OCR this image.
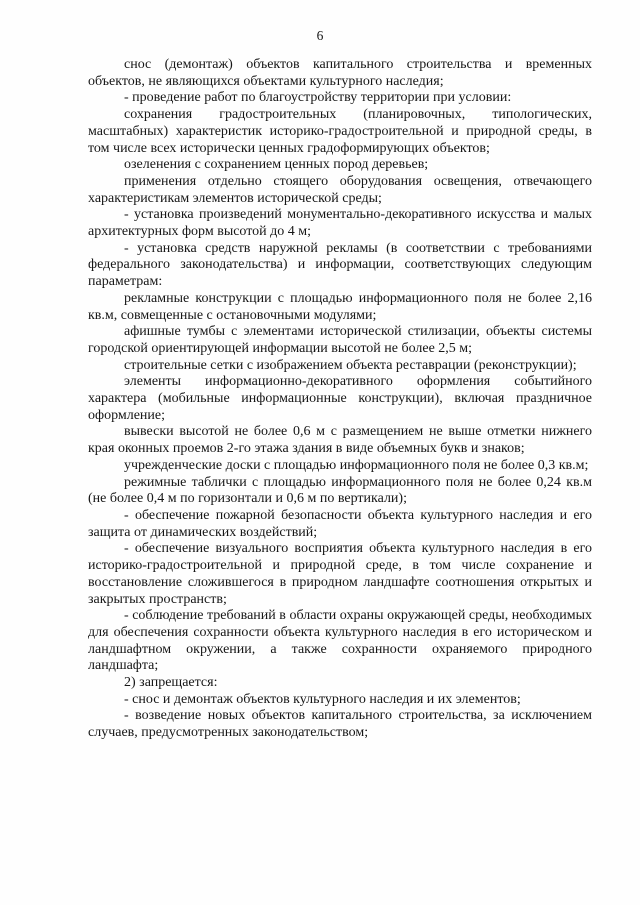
6

снос (демонтаж) объектов капитального строительства и временных объектов, не являющихся объектами культурного наследия;

- проведение работ по благоустройству территории при условии:

сохранения градостроительных (планировочных, типологических, масштабных) характеристик историко-градостроительной и природной среды, в том числе всех исторически ценных градоформирующих объектов;

озеленения с сохранением ценных пород деревьев;

применения отдельно стоящего оборудования освещения, отвечающего характеристикам элементов исторической среды;

- установка произведений монументально-декоративного искусства и малых архитектурных форм высотой до 4 м;

- установка средств наружной рекламы (в соответствии с требованиями федерального законодательства) и информации, соответствующих следующим параметрам:

рекламные конструкции с площадью информационного поля не более 2,16 кв.м, совмещенные с остановочными модулями;

афишные тумбы с элементами исторической стилизации, объекты системы городской ориентирующей информации высотой не более 2,5 м;

строительные сетки с изображением объекта реставрации (реконструкции);

элементы информационно-декоративного оформления событийного характера (мобильные информационные конструкции), включая праздничное оформление;

вывески высотой не более 0,6 м с размещением не выше отметки нижнего края оконных проемов 2-го этажа здания в виде объемных букв и знаков;

учрежденческие доски с площадью информационного поля не более 0,3 кв.м;

режимные таблички с площадью информационного поля не более 0,24 кв.м (не более 0,4 м по горизонтали и 0,6 м по вертикали);

- обеспечение пожарной безопасности объекта культурного наследия и его защита от динамических воздействий;

- обеспечение визуального восприятия объекта культурного наследия в его историко-градостроительной и природной среде, в том числе сохранение и восстановление сложившегося в природном ландшафте соотношения открытых и закрытых пространств;

- соблюдение требований в области охраны окружающей среды, необходимых для обеспечения сохранности объекта культурного наследия в его историческом и ландшафтном окружении, а также сохранности охраняемого природного ландшафта;

2) запрещается:

- снос и демонтаж объектов культурного наследия и их элементов;

- возведение новых объектов капитального строительства, за исключением случаев, предусмотренных законодательством;
